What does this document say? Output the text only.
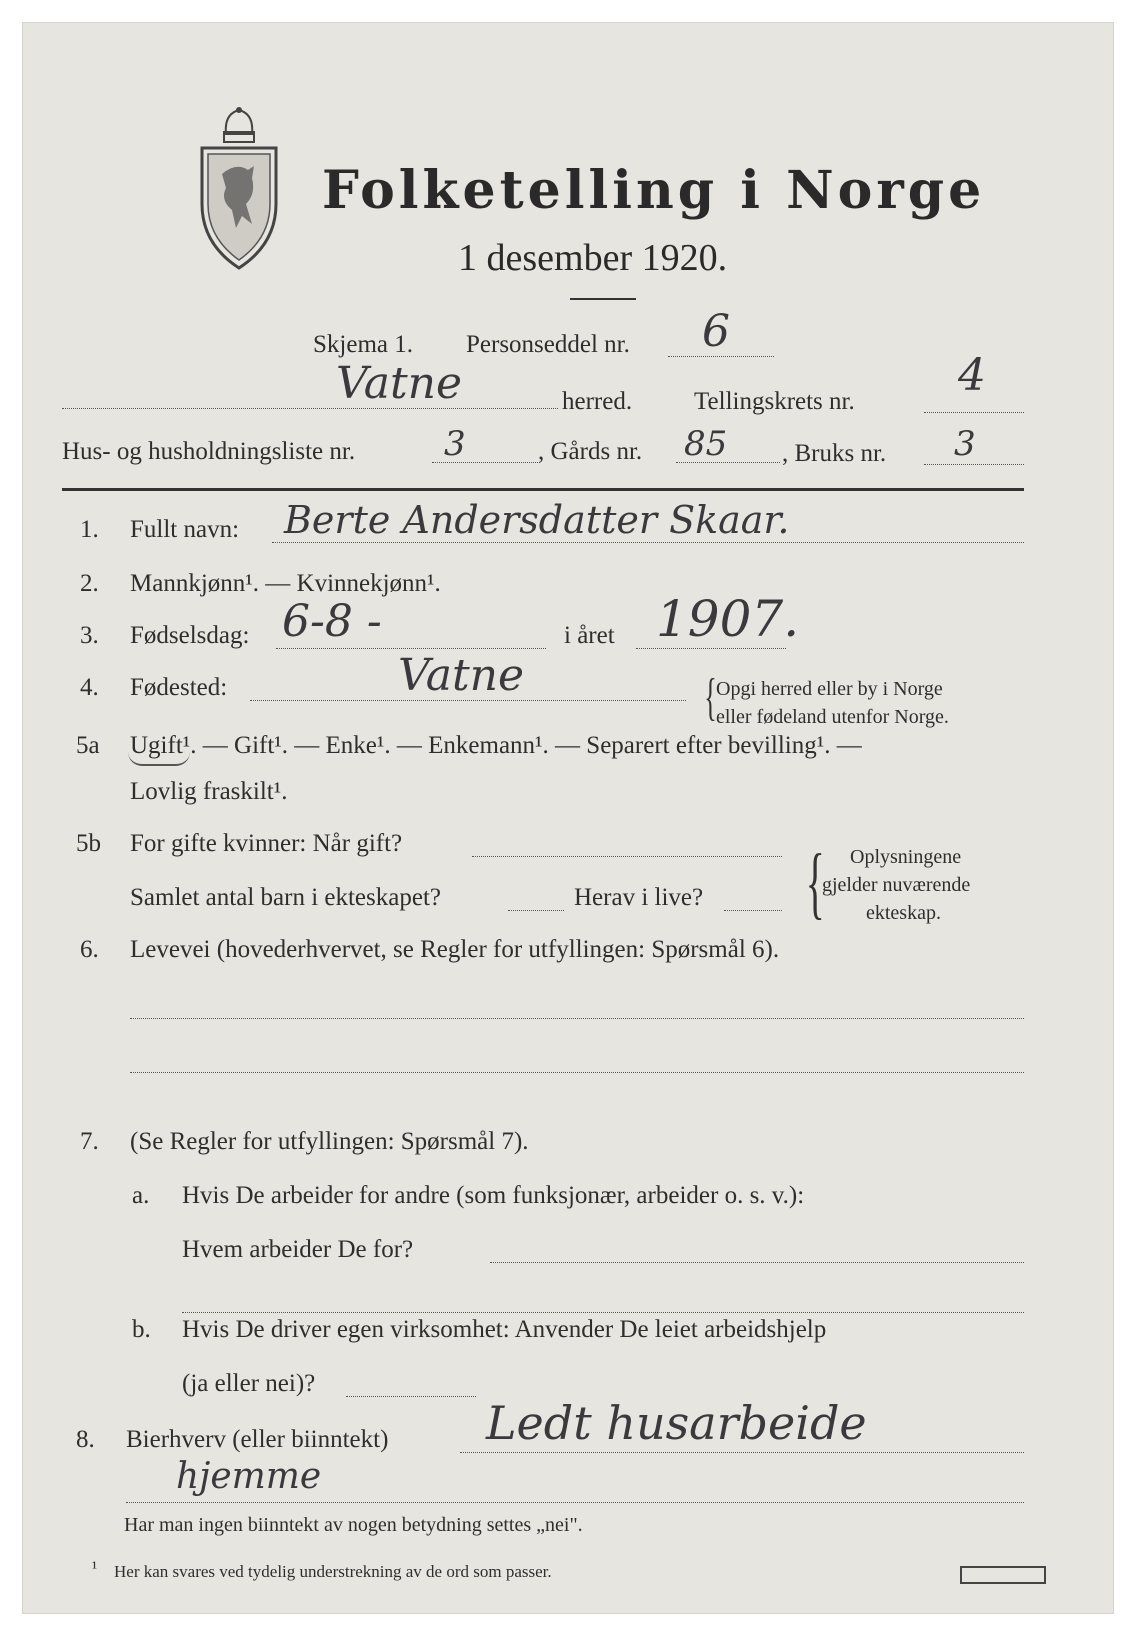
Folketelling i Norge
1 desember 1920.
Skjema 1. Personseddel nr. 6
Vatne	herred. Tellingskrets nr.
4
Hus- og husholdningsliste nr.	3	, Gårds nr. 85 , Bruks nr. 3
1. Fullt navn: Berte Andersdatter Skaar.
2. Mannkjønn¹. — Kvinnekjønn¹.
3. Fødselsdag: 6-8 -	i året 1907.
4. Fødested:	Vatne	{ Opgi herred eller by i Norge
eller fødeland utenfor Norge.
5a Ugift¹. — Gift¹. — Enke¹. — Enkemann¹. — Separert efter bevilling¹. —
Lovlig fraskilt¹.
5b For gifte kvinner: Når gift?
Samlet antal barn i ekteskapet?	Herav i live? { Oplysningene
gjelder nuværende
ekteskap.
6. Levevei (hovederhvervet, se Regler for utfyllingen: Spørsmål 6).
7. (Se Regler for utfyllingen: Spørsmål 7).
a. Hvis De arbeider for andre (som funksjonær, arbeider o. s. v.):
Hvem arbeider De for?
b. Hvis De driver egen virksomhet: Anvender De leiet arbeidshjelp
(ja eller nei)?
8. Bierhverv (eller biinntekt) Ledt husarbeide
hjemme
Har man ingen biinntekt av nogen betydning settes „nei".
¹ Her kan svares ved tydelig understrekning av de ord som passer.
